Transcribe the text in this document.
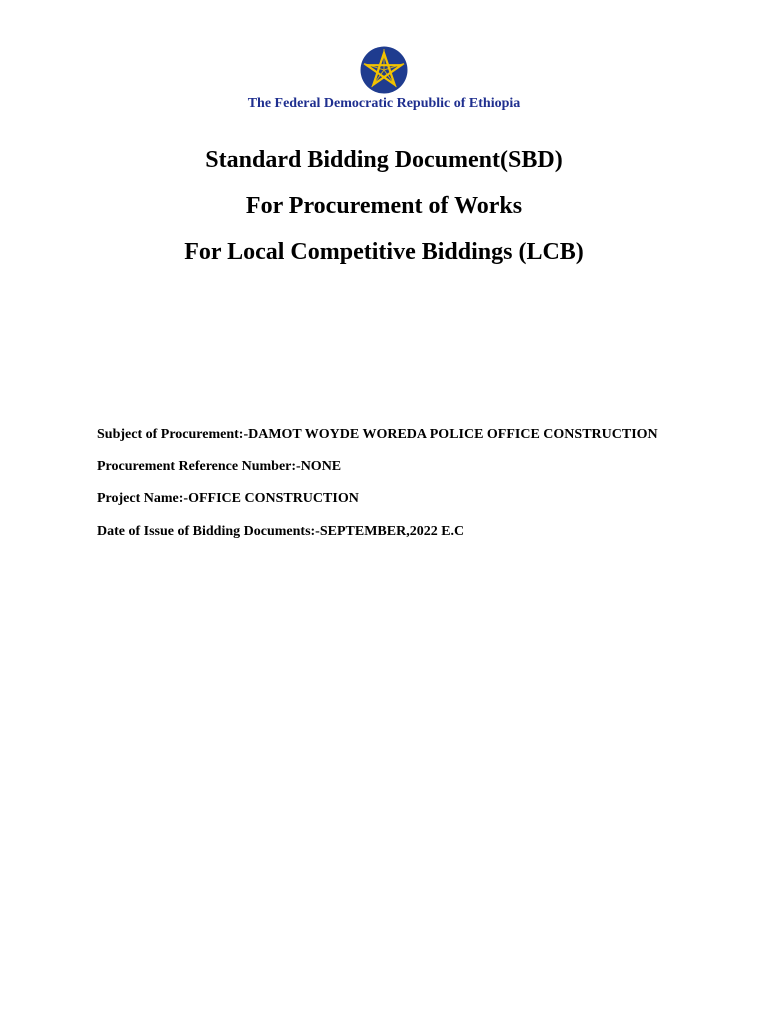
The Federal Democratic Republic of Ethiopia
Standard Bidding Document(SBD)
For Procurement of Works
For Local Competitive Biddings (LCB)
Subject of Procurement:-DAMOT WOYDE WOREDA POLICE OFFICE CONSTRUCTION
Procurement Reference Number:-NONE
Project Name:-OFFICE CONSTRUCTION
Date of Issue of Bidding Documents:-SEPTEMBER,2022 E.C
